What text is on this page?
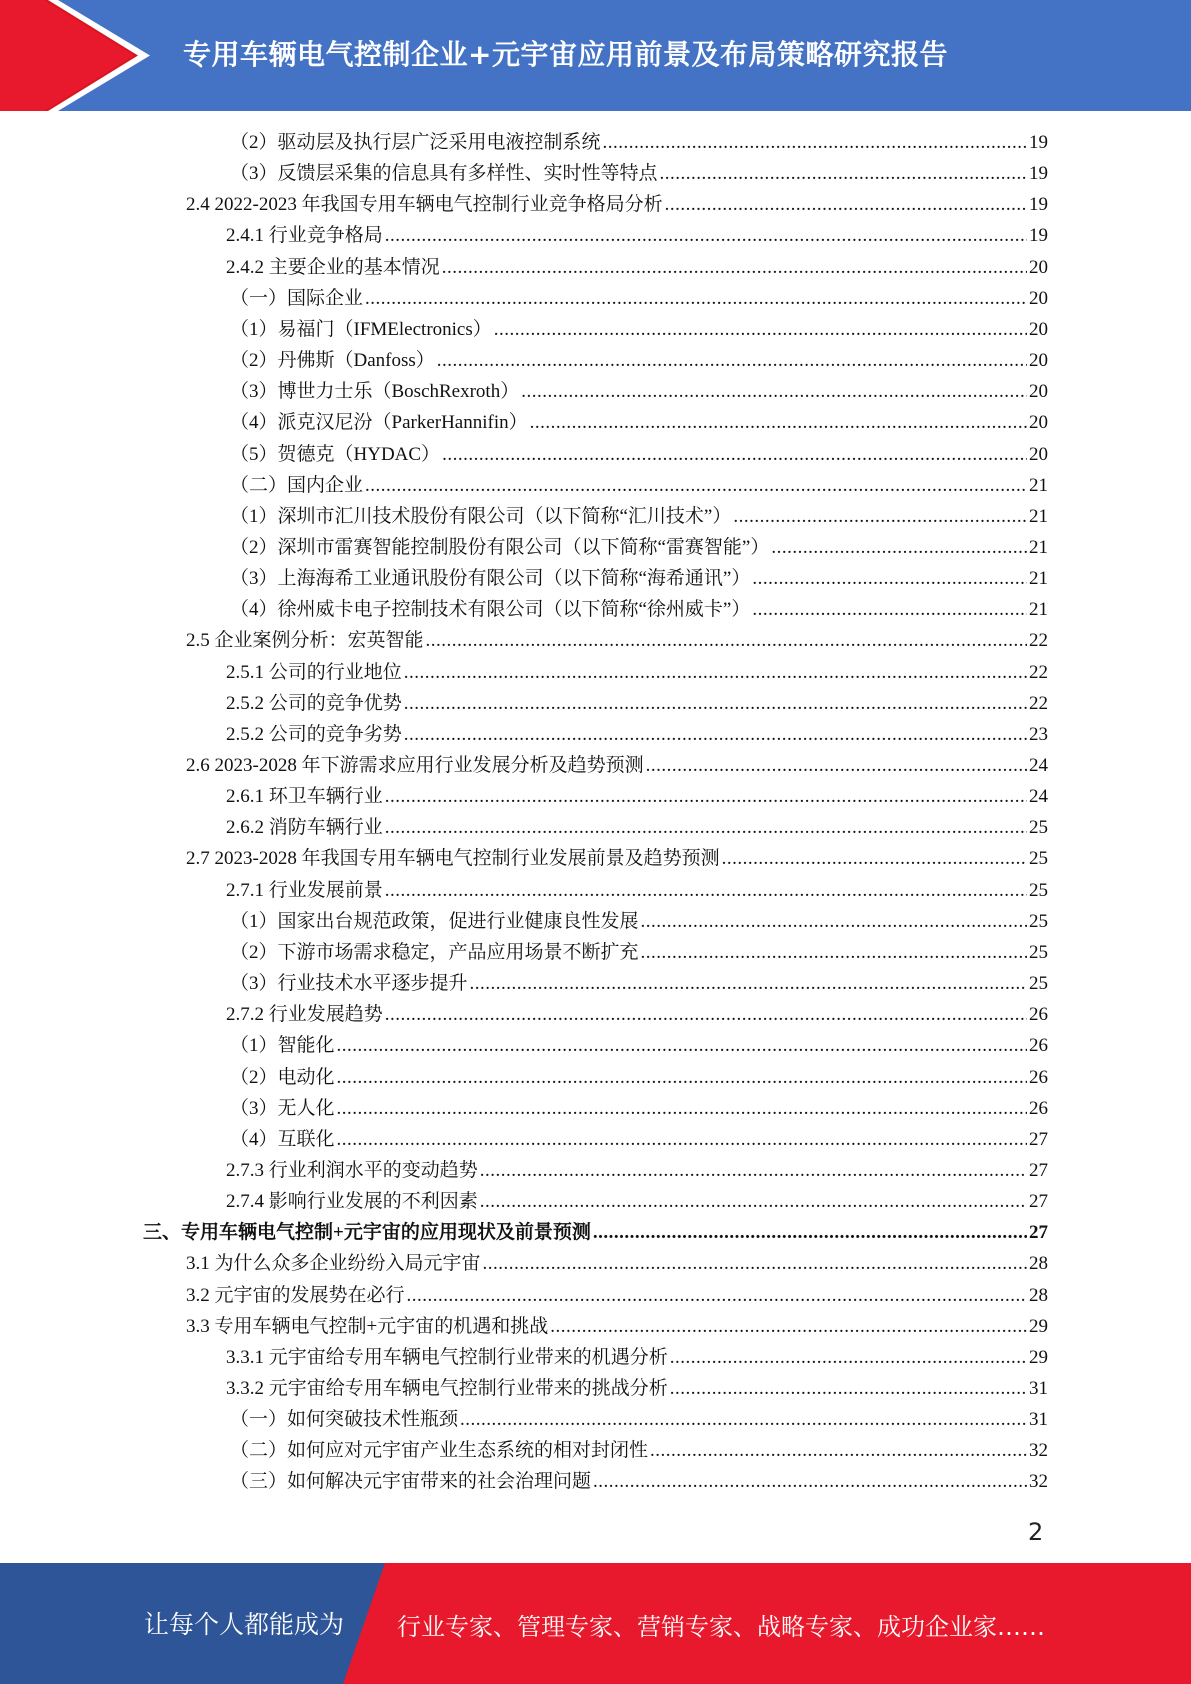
专用车辆电气控制企业+元宇宙应用前景及布局策略研究报告
（2）驱动层及执行层广泛采用电液控制系统 .....	19
（3）反馈层采集的信息具有多样性、实时性等特点 .....	19
2.4 2022-2023 年我国专用车辆电气控制行业竞争格局分析 .....	19
2.4.1 行业竞争格局 .....	19
2.4.2 主要企业的基本情况 .....	20
（一）国际企业 .....	20
（1）易福门（IFMElectronics） .....	20
（2）丹佛斯（Danfoss） .....	20
（3）博世力士乐（BoschRexroth） .....	20
（4）派克汉尼汾（ParkerHannifin） .....	20
（5）贺德克（HYDAC） .....	20
（二）国内企业 .....	21
（1）深圳市汇川技术股份有限公司（以下简称“汇川技术”） .....	21
（2）深圳市雷赛智能控制股份有限公司（以下简称“雷赛智能”） .....	21
（3）上海海希工业通讯股份有限公司（以下简称“海希通讯”） .....	21
（4）徐州威卡电子控制技术有限公司（以下简称“徐州威卡”） .....	21
2.5 企业案例分析：宏英智能 .....	22
2.5.1 公司的行业地位 .....	22
2.5.2 公司的竞争优势 .....	22
2.5.2 公司的竞争劣势 .....	23
2.6 2023-2028 年下游需求应用行业发展分析及趋势预测 .....	24
2.6.1 环卫车辆行业 .....	24
2.6.2 消防车辆行业 .....	25
2.7 2023-2028 年我国专用车辆电气控制行业发展前景及趋势预测 .....	25
2.7.1 行业发展前景 .....	25
（1）国家出台规范政策，促进行业健康良性发展 .....	25
（2）下游市场需求稳定，产品应用场景不断扩充 .....	25
（3）行业技术水平逐步提升 .....	25
2.7.2 行业发展趋势 .....	26
（1）智能化 .....	26
（2）电动化 .....	26
（3）无人化 .....	26
（4）互联化 .....	27
2.7.3 行业利润水平的变动趋势 .....	27
2.7.4 影响行业发展的不利因素 .....	27
三、专用车辆电气控制+元宇宙的应用现状及前景预测 .....	27
3.1 为什么众多企业纷纷入局元宇宙 .....	28
3.2 元宇宙的发展势在必行 .....	28
3.3 专用车辆电气控制+元宇宙的机遇和挑战 .....	29
3.3.1 元宇宙给专用车辆电气控制行业带来的机遇分析 .....	29
3.3.2 元宇宙给专用车辆电气控制行业带来的挑战分析 .....	31
（一）如何突破技术性瓶颈 .....	31
（二）如何应对元宇宙产业生态系统的相对封闭性 .....	32
（三）如何解决元宇宙带来的社会治理问题 .....	32
2
让每个人都能成为 行业专家、管理专家、营销专家、战略专家、成功企业家……
